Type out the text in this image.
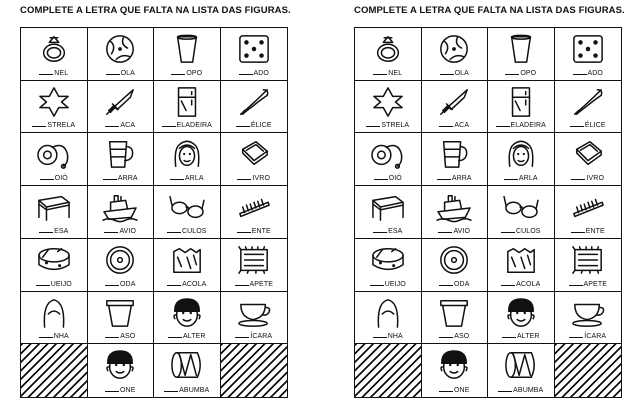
COMPLETE A LETRA QUE FALTA NA LISTA DAS FIGURAS.
NEL	OLA	OPO	ADO
STRELA	ACA	ELADEIRA	ÉLICE
OIÓ	ARRA	ARLA	IVRO
ESA	AVIO	CULOS	ENTE
UEIJO	ODA	ACOLA	APETE
NHA	ASO	ALTER	ÍCARA
ONE	ABUMBA
COMPLETE A LETRA QUE FALTA NA LISTA DAS FIGURAS.
NEL	OLA	OPO	ADO
STRELA	ACA	ELADEIRA	ÉLICE
OIÓ	ARRA	ARLA	IVRO
ESA	AVIO	CULOS	ENTE
UEIJO	ODA	ACOLA	APETE
NHA	ASO	ALTER	ÍCARA
ONE	ABUMBA
